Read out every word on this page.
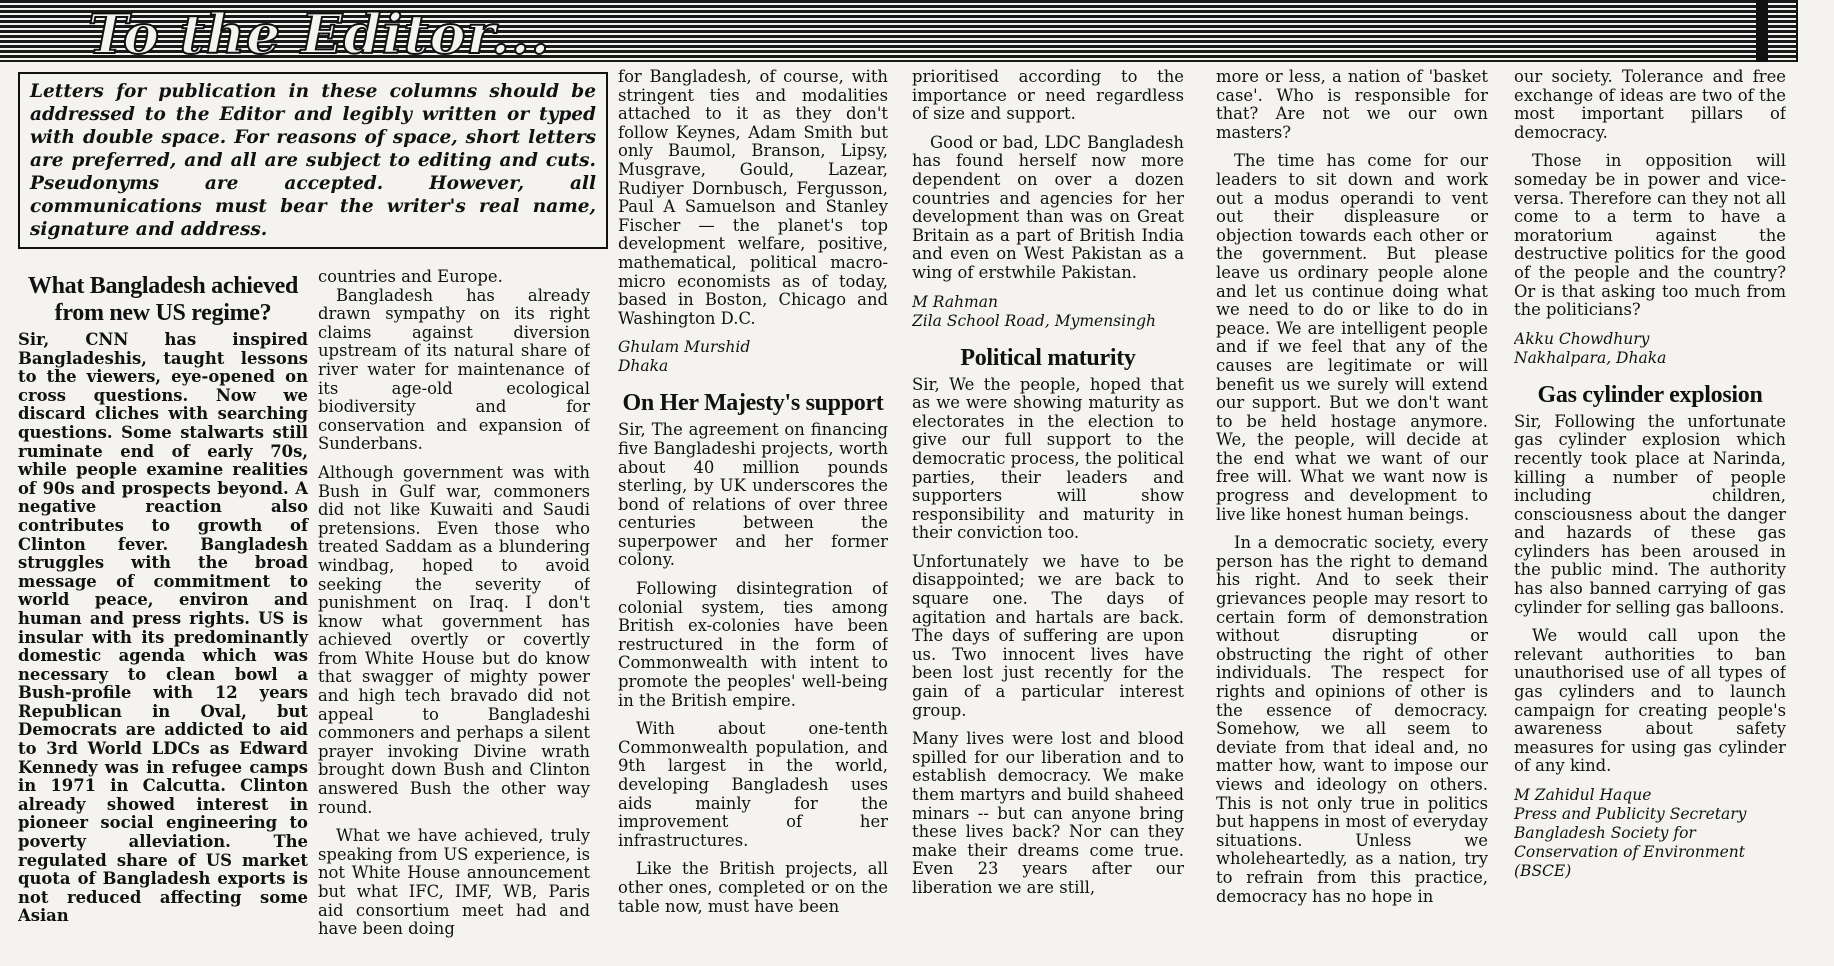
To the Editor...
Letters for publication in these columns should be addressed to the Editor and legibly written or typed with double space. For reasons of space, short letters are preferred, and all are subject to editing and cuts. Pseudonyms are accepted. However, all communications must bear the writer's real name, signature and address.
What Bangladesh achieved from new US regime?

Sir, CNN has inspired Bangladeshis, taught lessons to the viewers, eye-opened on cross questions. Now we discard cliches with searching questions. Some stalwarts still ruminate end of early 70s, while people examine realities of 90s and prospects beyond. A negative reaction also contributes to growth of Clinton fever. Bangladesh struggles with the broad message of commitment to world peace, environ and human and press rights. US is insular with its predominantly domestic agenda which was necessary to clean bowl a Bush-profile with 12 years Republican in Oval, but Democrats are addicted to aid to 3rd World LDCs as Edward Kennedy was in refugee camps in 1971 in Calcutta. Clinton already showed interest in pioneer social engineering to poverty alleviation. The regulated share of US market quota of Bangladesh exports is not reduced affecting some Asian

countries and Europe.

Bangladesh has already drawn sympathy on its right claims against diversion upstream of its natural share of river water for maintenance of its age-old ecological biodiversity and for conservation and expansion of Sunderbans.

Although government was with Bush in Gulf war, commoners did not like Kuwaiti and Saudi pretensions. Even those who treated Saddam as a blundering windbag, hoped to avoid seeking the severity of punishment on Iraq. I don't know what government has achieved overtly or covertly from White House but do know that swagger of mighty power and high tech bravado did not appeal to Bangladeshi commoners and perhaps a silent prayer invoking Divine wrath brought down Bush and Clinton answered Bush the other way round.

What we have achieved, truly speaking from US experience, is not White House announcement but what IFC, IMF, WB, Paris aid consortium meet had and have been doing

for Bangladesh, of course, with stringent ties and modalities attached to it as they don't follow Keynes, Adam Smith but only Baumol, Branson, Lipsy, Musgrave, Gould, Lazear, Rudiyer Dornbusch, Fergusson, Paul A Samuelson and Stanley Fischer — the planet's top development welfare, positive, mathematical, political macro-micro economists as of today, based in Boston, Chicago and Washington D.C.

Ghulam Murshid
Dhaka
On Her Majesty's support

Sir, The agreement on financing five Bangladeshi projects, worth about 40 million pounds sterling, by UK underscores the bond of relations of over three centuries between the superpower and her former colony.

Following disintegration of colonial system, ties among British ex-colonies have been restructured in the form of Commonwealth with intent to promote the peoples' well-being in the British empire.

With about one-tenth Commonwealth population, and 9th largest in the world, developing Bangladesh uses aids mainly for the improvement of her infrastructures.

Like the British projects, all other ones, completed or on the table now, must have been

prioritised according to the importance or need regardless of size and support.

Good or bad, LDC Bangladesh has found herself now more dependent on over a dozen countries and agencies for her development than was on Great Britain as a part of British India and even on West Pakistan as a wing of erstwhile Pakistan.

M Rahman
Zila School Road, Mymensingh
Political maturity

Sir, We the people, hoped that as we were showing maturity as electorates in the election to give our full support to the democratic process, the political parties, their leaders and supporters will show responsibility and maturity in their conviction too.

Unfortunately we have to be disappointed; we are back to square one. The days of agitation and hartals are back. The days of suffering are upon us. Two innocent lives have been lost just recently for the gain of a particular interest group.

Many lives were lost and blood spilled for our liberation and to establish democracy. We make them martyrs and build shaheed minars -- but can anyone bring these lives back? Nor can they make their dreams come true. Even 23 years after our liberation we are still,

more or less, a nation of 'basket case'. Who is responsible for that? Are not we our own masters?

The time has come for our leaders to sit down and work out a modus operandi to vent out their displeasure or objection towards each other or the government. But please leave us ordinary people alone and let us continue doing what we need to do or like to do in peace. We are intelligent people and if we feel that any of the causes are legitimate or will benefit us we surely will extend our support. But we don't want to be held hostage anymore. We, the people, will decide at the end what we want of our free will. What we want now is progress and development to live like honest human beings.

In a democratic society, every person has the right to demand his right. And to seek their grievances people may resort to certain form of demonstration without disrupting or obstructing the right of other individuals. The respect for rights and opinions of other is the essence of democracy. Somehow, we all seem to deviate from that ideal and, no matter how, want to impose our views and ideology on others. This is not only true in politics but happens in most of everyday situations. Unless we wholeheartedly, as a nation, try to refrain from this practice, democracy has no hope in

our society. Tolerance and free exchange of ideas are two of the most important pillars of democracy.

Those in opposition will someday be in power and vice-versa. Therefore can they not all come to a term to have a moratorium against the destructive politics for the good of the people and the country? Or is that asking too much from the politicians?

Akku Chowdhury
Nakhalpara, Dhaka
Gas cylinder explosion

Sir, Following the unfortunate gas cylinder explosion which recently took place at Narinda, killing a number of people including children, consciousness about the danger and hazards of these gas cylinders has been aroused in the public mind. The authority has also banned carrying of gas cylinder for selling gas balloons.

We would call upon the relevant authorities to ban unauthorised use of all types of gas cylinders and to launch campaign for creating people's awareness about safety measures for using gas cylinder of any kind.

M Zahidul Haque
Press and Publicity Secretary
Bangladesh Society for Conservation of Environment (BSCE)
